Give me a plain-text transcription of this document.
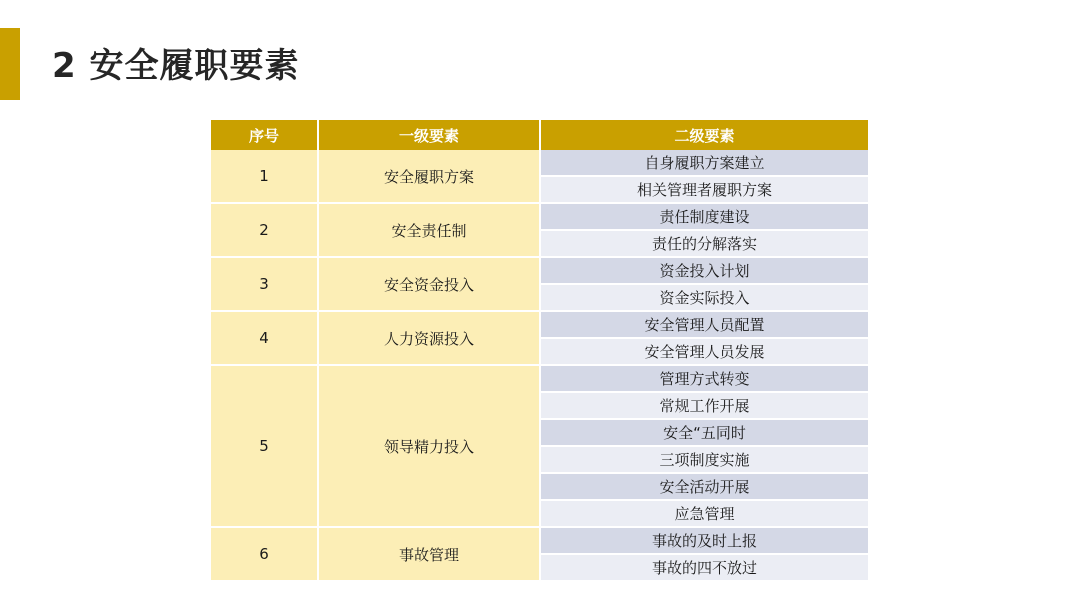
2 安全履职要素
序号	一级要素	二级要素
1	安全履职方案	自身履职方案建立
		相关管理者履职方案
2	安全责任制	责任制度建设
		责任的分解落实
3	安全资金投入	资金投入计划
		资金实际投入
4	人力资源投入	安全管理人员配置
		安全管理人员发展
5	领导精力投入	管理方式转变
		常规工作开展
		安全“五同时
		三项制度实施
		安全活动开展
		应急管理
6	事故管理	事故的及时上报
		事故的四不放过
